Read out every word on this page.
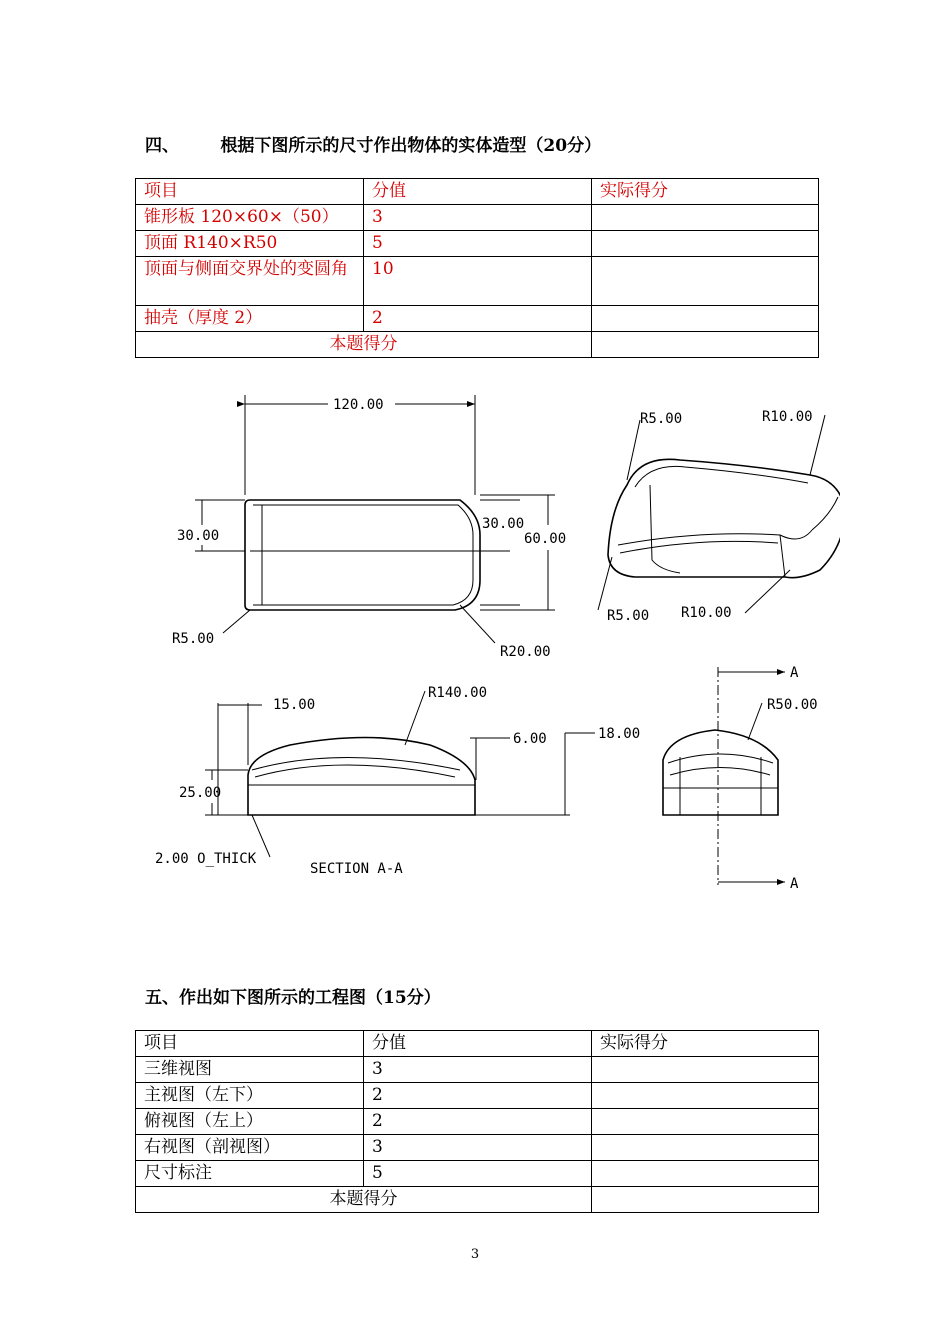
四、       根据下图所示的尺寸作出物体的实体造型（20分）
项目	分值	实际得分
锥形板 120×60×（50）	3	
顶面 R140×R50	5	
顶面与侧面交界处的变圆角	10	
抽壳（厚度 2）	2	
本题得分		
120.00
30.00
30.00
60.00
R5.00
R20.00
R5.00	R10.00
R5.00 R10.00
15.00
R140.00
25.00
6.00	18.00
2.00 O_THICK
SECTION A-A
R50.00
A
A
五、作出如下图所示的工程图（15分）
项目	分值	实际得分
三维视图	3	
主视图（左下）	2	
俯视图（左上）	2	
右视图（剖视图）	3	
尺寸标注	5	
本题得分		
3
